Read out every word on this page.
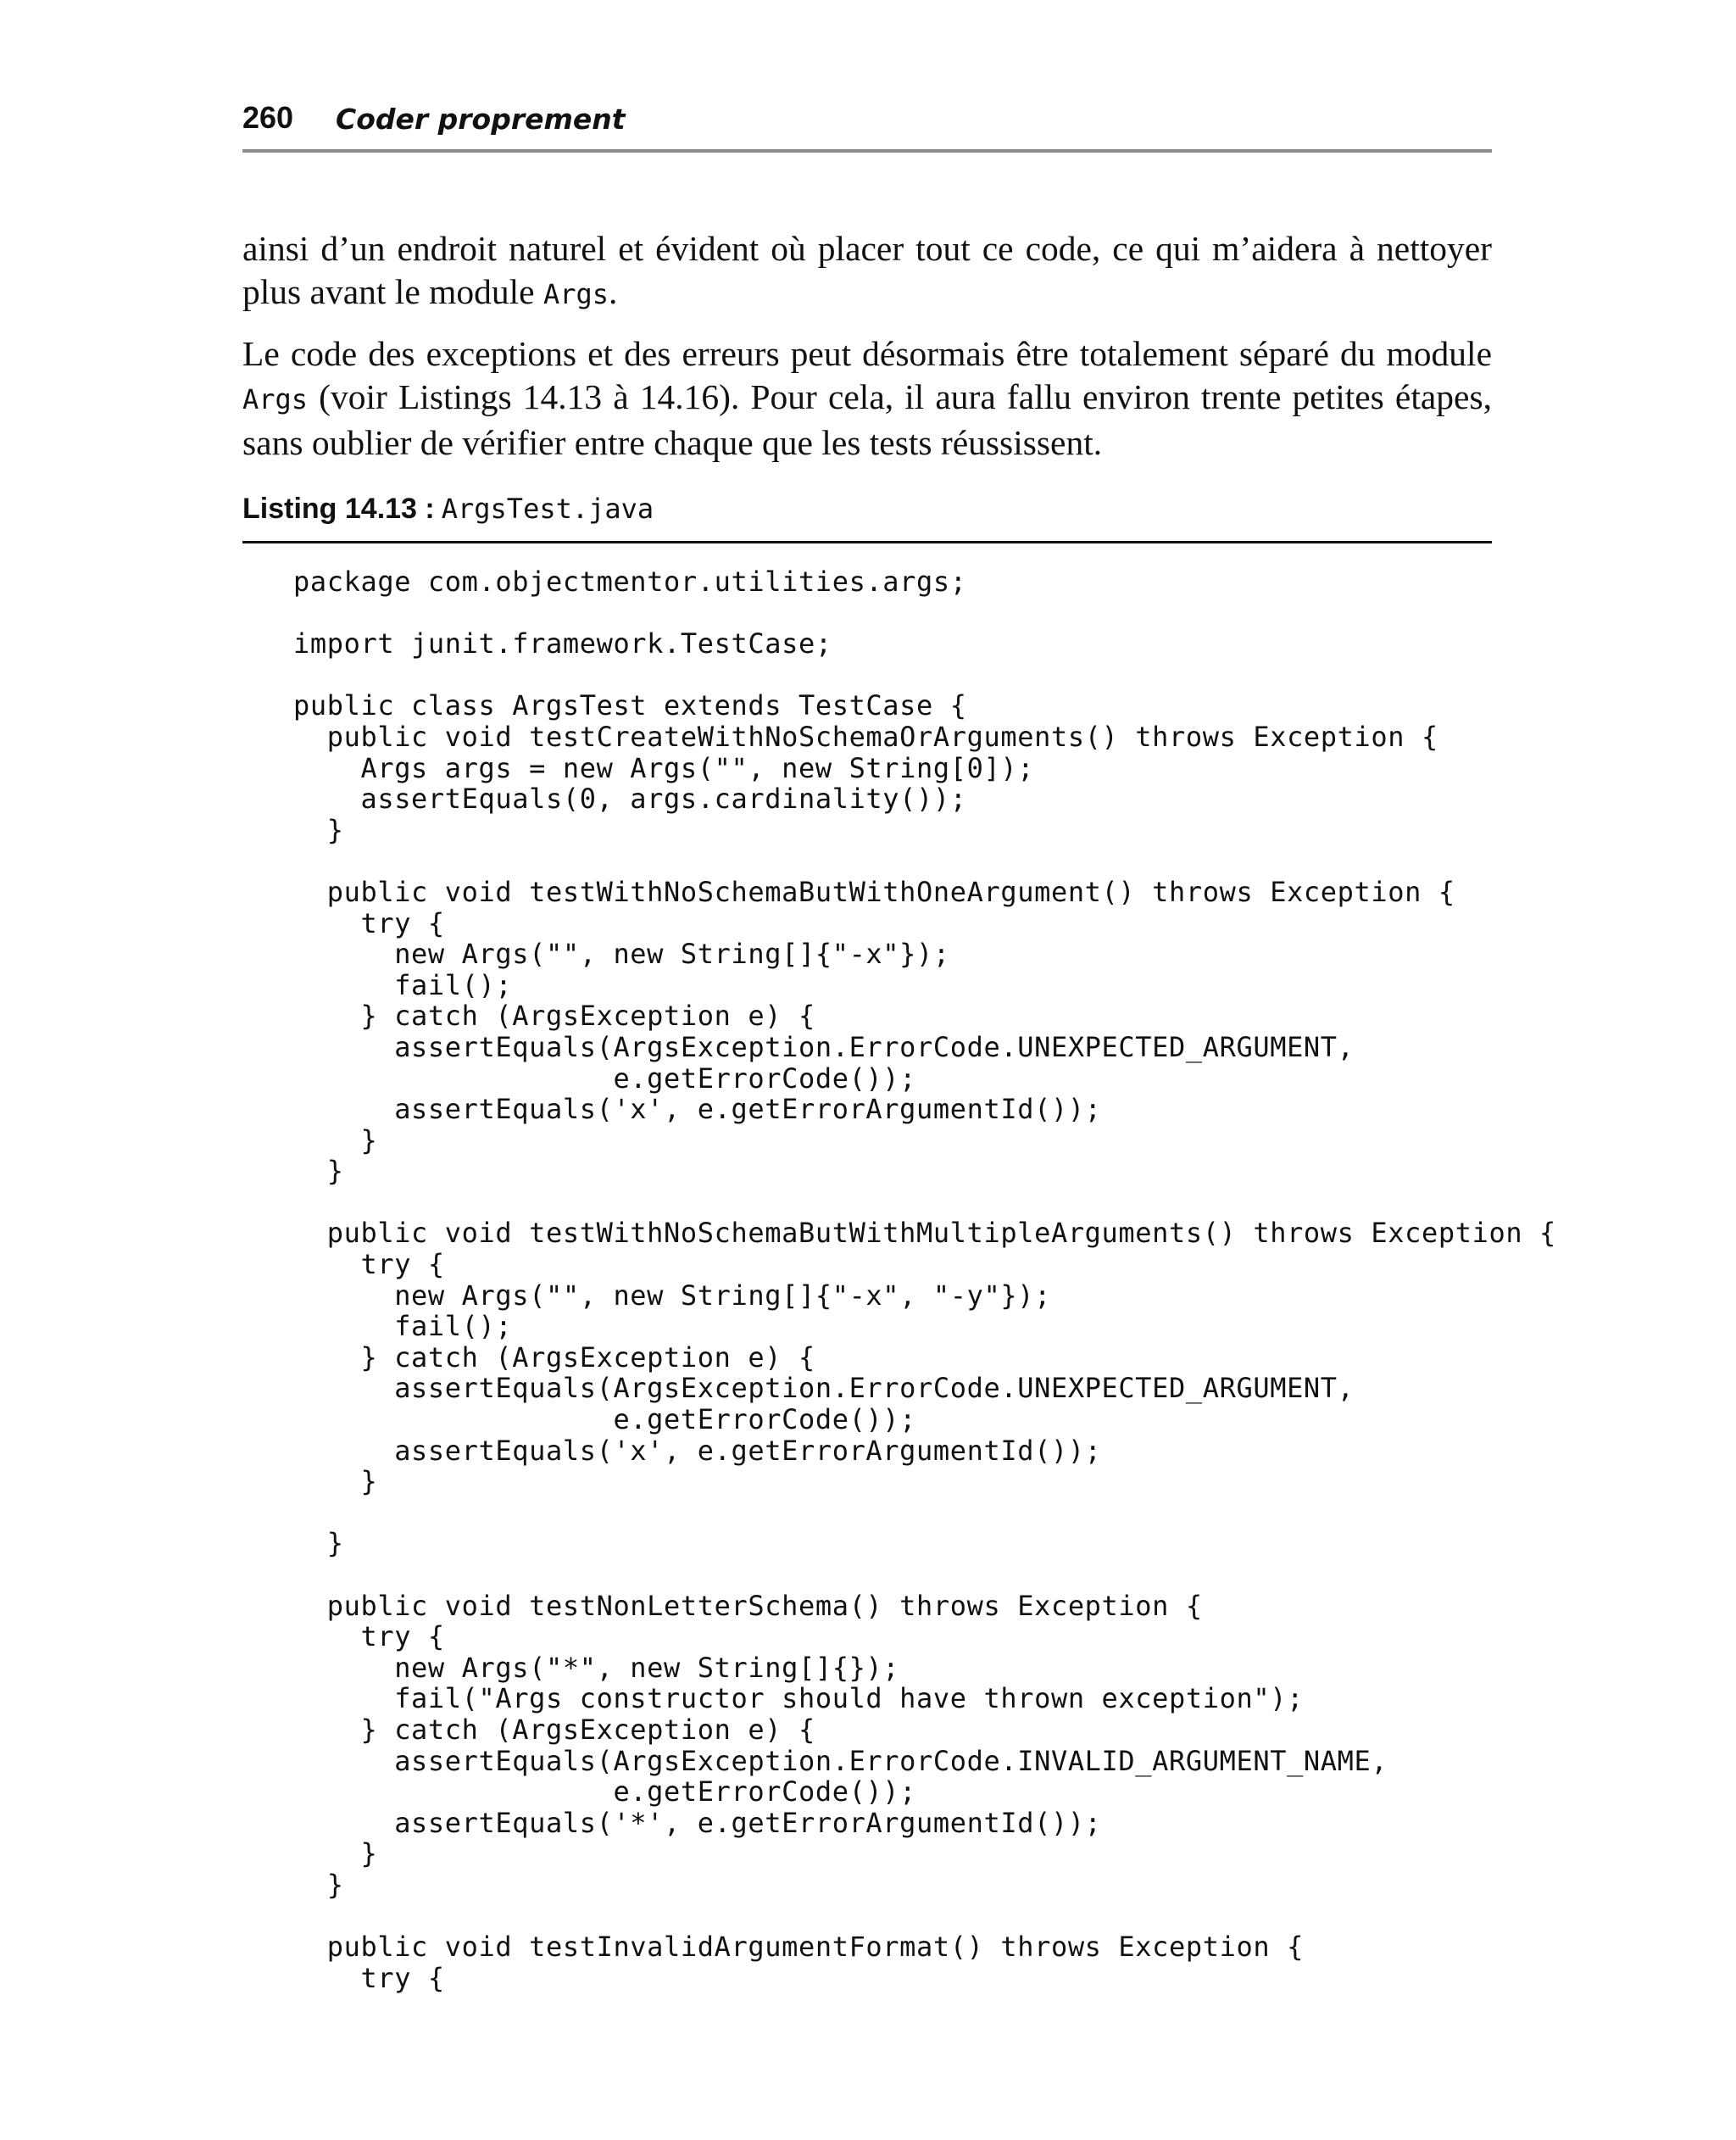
260 Coder proprement

ainsi d’un endroit naturel et évident où placer tout ce code, ce qui m’aidera à nettoyer plus avant le module Args.

Le code des exceptions et des erreurs peut désormais être totalement séparé du module Args (voir Listings 14.13 à 14.16). Pour cela, il aura fallu environ trente petites étapes, sans oublier de vérifier entre chaque que les tests réussissent.

Listing 14.13 : ArgsTest.java
package com.objectmentor.utilities.args;
import junit.framework.TestCase;
public class ArgsTest extends TestCase {
public void testCreateWithNoSchemaOrArguments() throws Exception {
Args args = new Args("", new String[0]);
assertEquals(0, args.cardinality());
}
public void testWithNoSchemaButWithOneArgument() throws Exception {
try {
new Args("", new String[]{"-x"});
fail();
} catch (ArgsException e) {
assertEquals(ArgsException.ErrorCode.UNEXPECTED_ARGUMENT,
e.getErrorCode());
assertEquals('x', e.getErrorArgumentId());
}
}
public void testWithNoSchemaButWithMultipleArguments() throws Exception {
try {
new Args("", new String[]{"-x", "-y"});
fail();
} catch (ArgsException e) {
assertEquals(ArgsException.ErrorCode.UNEXPECTED_ARGUMENT,
e.getErrorCode());
assertEquals('x', e.getErrorArgumentId());
}
}
public void testNonLetterSchema() throws Exception {
try {
new Args("*", new String[]{});
fail("Args constructor should have thrown exception");
} catch (ArgsException e) {
assertEquals(ArgsException.ErrorCode.INVALID_ARGUMENT_NAME,
e.getErrorCode());
assertEquals('*', e.getErrorArgumentId());
}
}
public void testInvalidArgumentFormat() throws Exception {
try {
